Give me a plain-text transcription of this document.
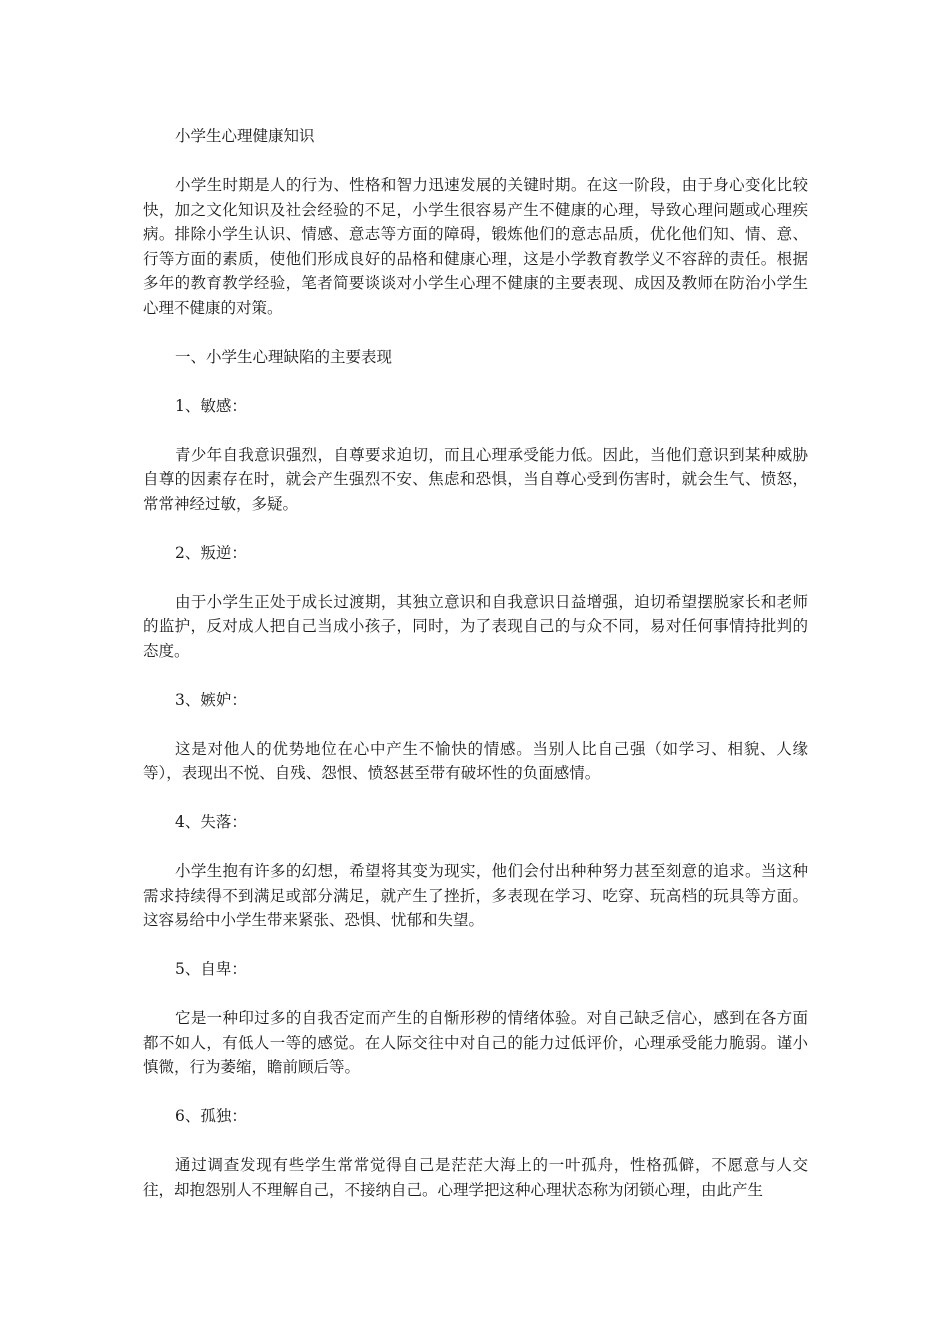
小学生心理健康知识

小学生时期是人的行为、性格和智力迅速发展的关键时期。在这一阶段，由于身心变化比较快，加之文化知识及社会经验的不足，小学生很容易产生不健康的心理，导致心理问题或心理疾病。排除小学生认识、情感、意志等方面的障碍，锻炼他们的意志品质，优化他们知、情、意、行等方面的素质，使他们形成良好的品格和健康心理，这是小学教育教学义不容辞的责任。根据多年的教育教学经验，笔者简要谈谈对小学生心理不健康的主要表现、成因及教师在防治小学生心理不健康的对策。

一、小学生心理缺陷的主要表现

1、敏感：

青少年自我意识强烈，自尊要求迫切，而且心理承受能力低。因此，当他们意识到某种威胁自尊的因素存在时，就会产生强烈不安、焦虑和恐惧，当自尊心受到伤害时，就会生气、愤怒，常常神经过敏，多疑。

2、叛逆：

由于小学生正处于成长过渡期，其独立意识和自我意识日益增强，迫切希望摆脱家长和老师的监护，反对成人把自己当成小孩子，同时，为了表现自己的与众不同，易对任何事情持批判的态度。

3、嫉妒：

这是对他人的优势地位在心中产生不愉快的情感。当别人比自己强（如学习、相貌、人缘等），表现出不悦、自残、怨恨、愤怒甚至带有破坏性的负面感情。

4、失落：

小学生抱有许多的幻想，希望将其变为现实，他们会付出种种努力甚至刻意的追求。当这种需求持续得不到满足或部分满足，就产生了挫折，多表现在学习、吃穿、玩高档的玩具等方面。这容易给中小学生带来紧张、恐惧、忧郁和失望。

5、自卑：

它是一种印过多的自我否定而产生的自惭形秽的情绪体验。对自己缺乏信心，感到在各方面都不如人，有低人一等的感觉。在人际交往中对自己的能力过低评价，心理承受能力脆弱。谨小慎微，行为萎缩，瞻前顾后等。

6、孤独：

通过调查发现有些学生常常觉得自己是茫茫大海上的一叶孤舟，性格孤僻，不愿意与人交往，却抱怨别人不理解自己，不接纳自己。心理学把这种心理状态称为闭锁心理，由此产生
